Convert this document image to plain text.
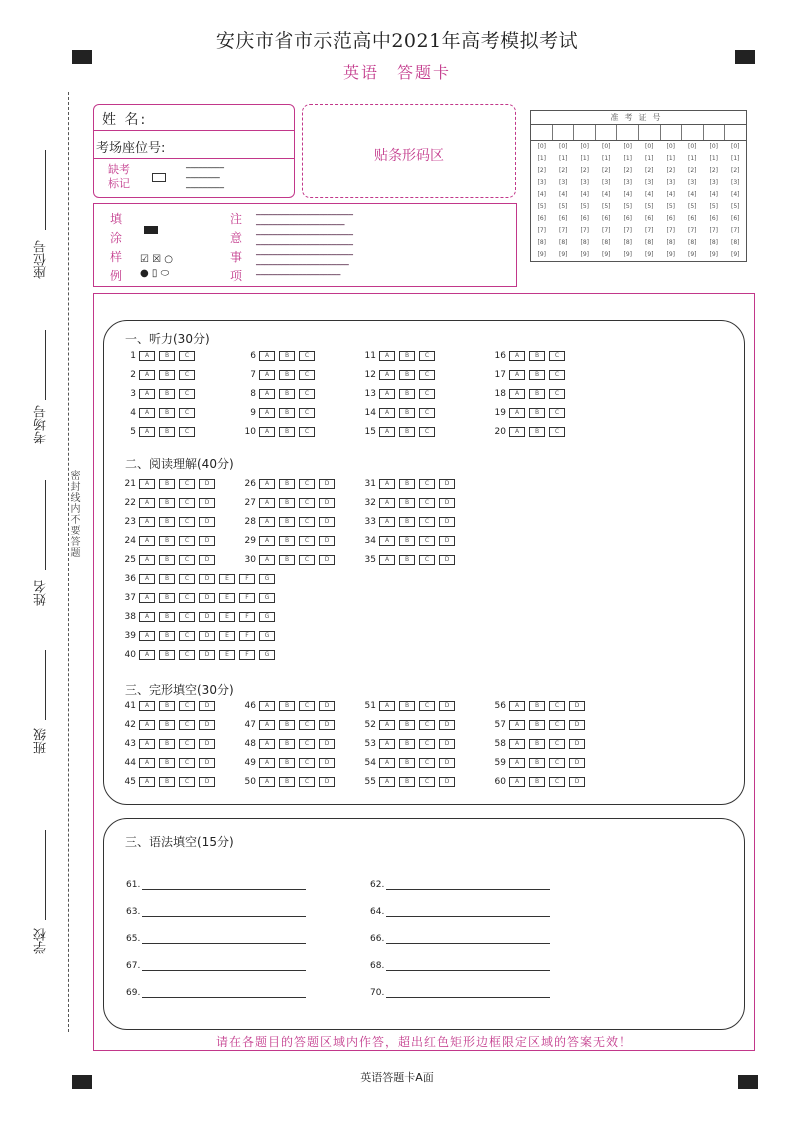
安庆市省市示范高中2021年高考模拟考试
英语　答题卡
座位号
考场号
姓名
密封线内不要答题
班级
学校
姓 名:
考场座位号:
缺考
标记
━━━━━━━━━
━━━━━━━━
━━━━━━━━━
贴条形码区
准考证号
[0]	[0]	[0]	[0]	[0]	[0]	[0]	[0]	[0]	[0]
[1]	[1]	[1]	[1]	[1]	[1]	[1]	[1]	[1]	[1]
[2]	[2]	[2]	[2]	[2]	[2]	[2]	[2]	[2]	[2]
[3]	[3]	[3]	[3]	[3]	[3]	[3]	[3]	[3]	[3]
[4]	[4]	[4]	[4]	[4]	[4]	[4]	[4]	[4]	[4]
[5]	[5]	[5]	[5]	[5]	[5]	[5]	[5]	[5]	[5]
[6]	[6]	[6]	[6]	[6]	[6]	[6]	[6]	[6]	[6]
[7]	[7]	[7]	[7]	[7]	[7]	[7]	[7]	[7]	[7]
[8]	[8]	[8]	[8]	[8]	[8]	[8]	[8]	[8]	[8]
[9]	[9]	[9]	[9]	[9]	[9]	[9]	[9]	[9]	[9]
填
涂
样
例
☑ ☒ ○
● ▯ ⬭
注
意
事
项
━━━━━━━━━━━━━━━━━━━━━━━
━━━━━━━━━━━━━━━━━━━━━
━━━━━━━━━━━━━━━━━━━━━━━
━━━━━━━━━━━━━━━━━━━━━━━
━━━━━━━━━━━━━━━━━━━━━━━
━━━━━━━━━━━━━━━━━━━━━━
━━━━━━━━━━━━━━━━━━━━
一、听力(30分)
二、阅读理解(40分)
三、完形填空(30分)
三、语法填空(15分)
1 A	B	C
2 A	B	C
3 A	B	C
4 A	B	C
5 A	B	C
6 A	B	C
7 A	B	C
8 A	B	C
9 A	B	C
10 A	B	C
11 A	B	C
12 A	B	C
13 A	B	C
14 A	B	C
15 A	B	C
16 A	B	C
17 A	B	C
18 A	B	C
19 A	B	C
20 A	B	C
21 A	B	C	D
22 A	B	C	D
23 A	B	C	D
24 A	B	C	D
25 A	B	C	D
26 A	B	C	D
27 A	B	C	D
28 A	B	C	D
29 A	B	C	D
30 A	B	C	D
31 A	B	C	D
32 A	B	C	D
33 A	B	C	D
34 A	B	C	D
35 A	B	C	D
36 A	B	C	D	E	F	G
37 A	B	C	D	E	F	G
38 A	B	C	D	E	F	G
39 A	B	C	D	E	F	G
40 A	B	C	D	E	F	G
41 A	B	C	D
42 A	B	C	D
43 A	B	C	D
44 A	B	C	D
45 A	B	C	D
46 A	B	C	D
47 A	B	C	D
48 A	B	C	D
49 A	B	C	D
50 A	B	C	D
51 A	B	C	D
52 A	B	C	D
53 A	B	C	D
54 A	B	C	D
55 A	B	C	D
56 A	B	C	D
57 A	B	C	D
58 A	B	C	D
59 A	B	C	D
60 A	B	C	D
61.	62.
63.	64.
65.	66.
67.	68.
69.	70.
请在各题目的答题区域内作答，超出红色矩形边框限定区域的答案无效！
英语答题卡A面
